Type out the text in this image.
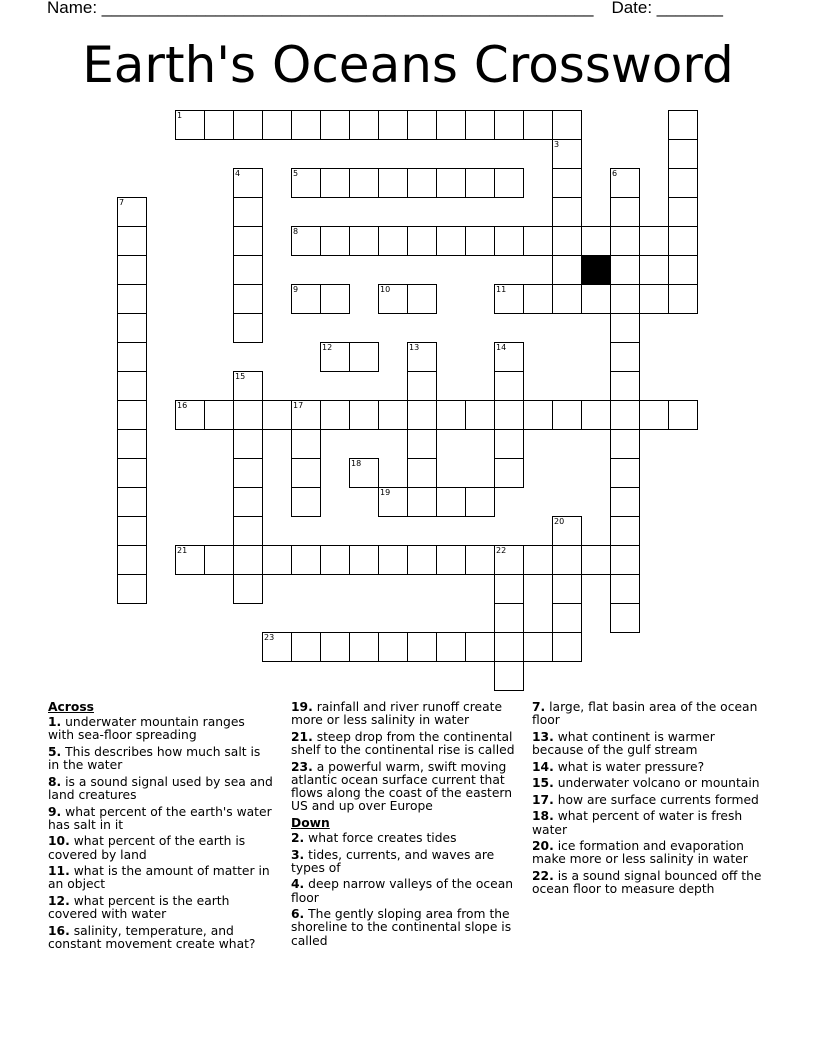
Name: ____________________________________________________ Date: _______
Earth's Oceans Crossword
1
5
8
9	10	11
12
16	17
18
19
21	22
23
3
4	6
7
13	14
15
20
Across
1. underwater mountain ranges with sea-floor spreading
5. This describes how much salt is in the water
8. is a sound signal used by sea and land creatures
9. what percent of the earth's water has salt in it
10. what percent of the earth is covered by land
11. what is the amount of matter in an object
12. what percent is the earth covered with water
16. salinity, temperature, and constant movement create what?
19. rainfall and river runoff create more or less salinity in water
21. steep drop from the continental shelf to the continental rise is called
23. a powerful warm, swift moving atlantic ocean surface current that flows along the coast of the eastern US and up over Europe
Down
2. what force creates tides
3. tides, currents, and waves are types of
4. deep narrow valleys of the ocean floor
6. The gently sloping area from the shoreline to the continental slope is called
7. large, flat basin area of the ocean floor
13. what continent is warmer because of the gulf stream
14. what is water pressure?
15. underwater volcano or mountain
17. how are surface currents formed
18. what percent of water is fresh water
20. ice formation and evaporation make more or less salinity in water
22. is a sound signal bounced off the ocean floor to measure depth
